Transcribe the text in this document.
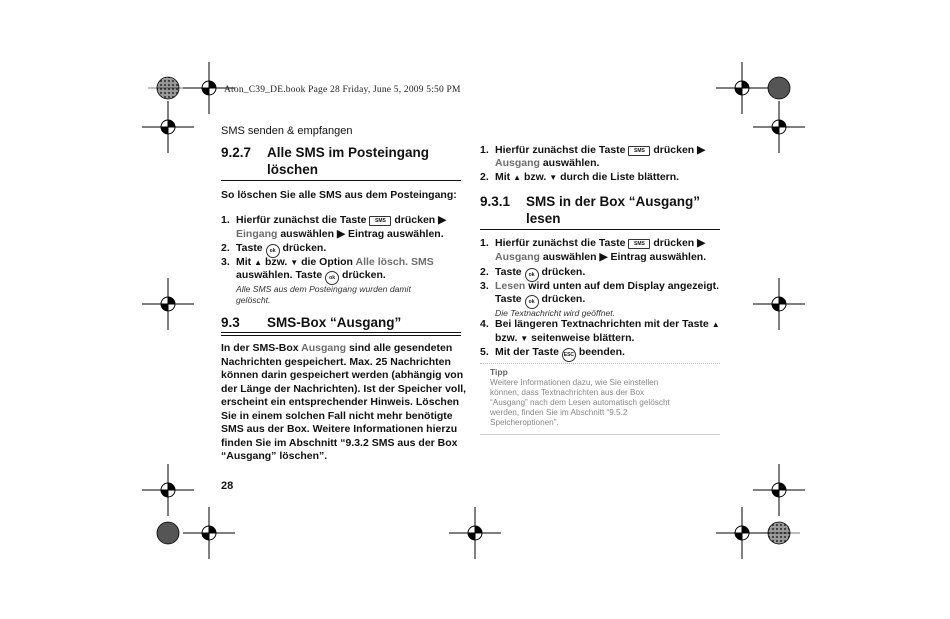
Aton_C39_DE.book Page 28 Friday, June 5, 2009 5:50 PM
SMS senden & empfangen
9.2.7 Alle SMS im Posteingang
löschen
So löschen Sie alle SMS aus dem Posteingang:
1. Hierfür zunächst die Taste SMS drücken ▶
Eingang auswählen ▶ Eintrag auswählen.
2. Taste ok drücken.
3. Mit ▲ bzw. ▼ die Option Alle lösch. SMS
auswählen. Taste ok drücken.
Alle SMS aus dem Posteingang wurden damit
gelöscht.
9.3 SMS-Box “Ausgang”
In der SMS-Box Ausgang sind alle gesendeten
Nachrichten gespeichert. Max. 25 Nachrichten
können darin gespeichert werden (abhängig von
der Länge der Nachrichten). Ist der Speicher voll,
erscheint ein entsprechender Hinweis. Löschen
Sie in einem solchen Fall nicht mehr benötigte
SMS aus der Box. Weitere Informationen hierzu
finden Sie im Abschnitt “9.3.2 SMS aus der Box
“Ausgang” löschen”.
28
1. Hierfür zunächst die Taste SMS drücken ▶
Ausgang auswählen.
2. Mit ▲ bzw. ▼ durch die Liste blättern.
9.3.1 SMS in der Box “Ausgang”
lesen
1. Hierfür zunächst die Taste SMS drücken ▶
Ausgang auswählen ▶ Eintrag auswählen.
2. Taste ok drücken.
3. Lesen wird unten auf dem Display angezeigt.
Taste ok drücken.
Die Textnachricht wird geöffnet.
4. Bei längeren Textnachrichten mit der Taste ▲
bzw. ▼ seitenweise blättern.
5. Mit der Taste ESC beenden.
Tipp
Weitere Informationen dazu, wie Sie einstellen
können, dass Textnachrichten aus der Box
“Ausgang” nach dem Lesen automatisch gelöscht
werden, finden Sie im Abschnitt “9.5.2
Speicheroptionen”.
